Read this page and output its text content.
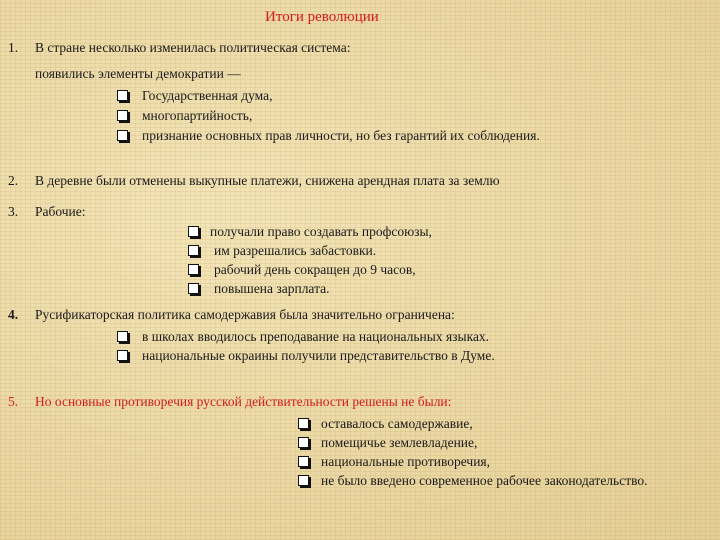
Итоги революции
1. В стране несколько изменилась политическая система:
появились элементы демократии —
Государственная дума,
многопартийность,
признание основных прав личности, но без гарантий их соблюдения.
2. В деревне были отменены выкупные платежи, снижена арендная плата за землю
3. Рабочие:
получали право создавать профсоюзы,
им разрешались забастовки.
рабочий день сокращен до 9 часов,
повышена зарплата.
4. Русификаторская политика самодержавия была значительно ограничена:
в школах вводилось преподавание на национальных языках.
национальные окраины получили представительство в Думе.
5. Но основные противоречия русской действительности решены не были:
оставалось самодержавие,
помещичье землевладение,
национальные противоречия,
не было введено современное рабочее законодательство.
